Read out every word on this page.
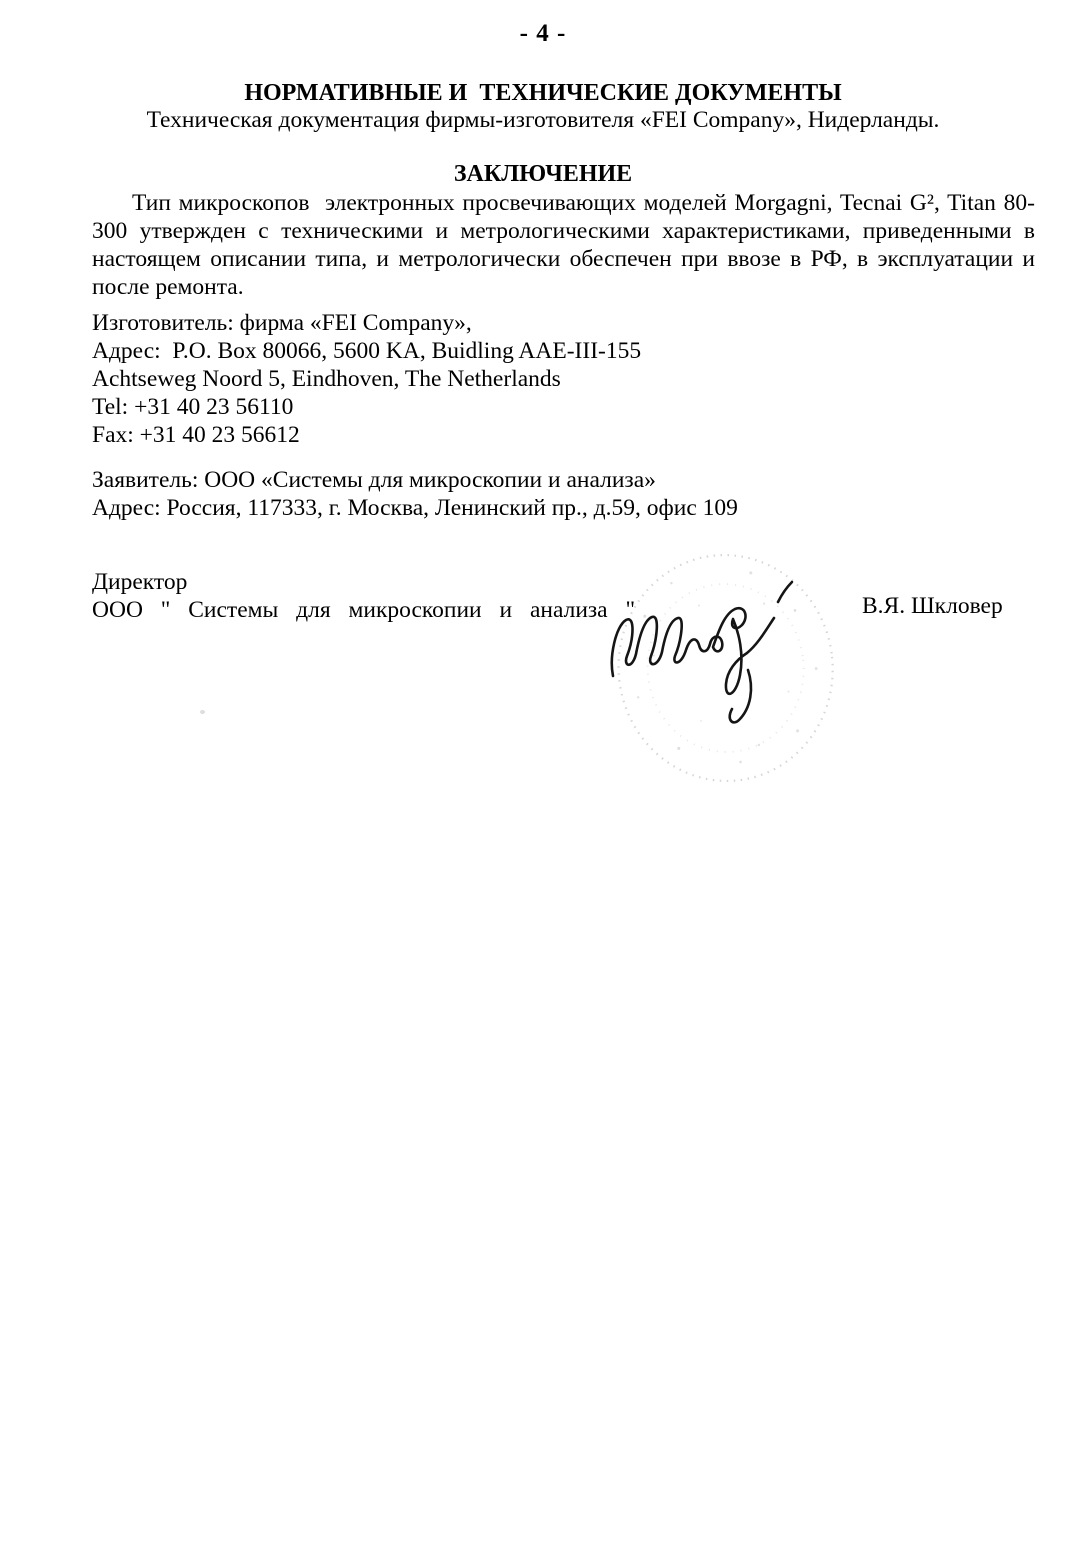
- 4 -
НОРМАТИВНЫЕ И  ТЕХНИЧЕСКИЕ ДОКУМЕНТЫ
Техническая документация фирмы-изготовителя «FEI Company», Нидерланды.
ЗАКЛЮЧЕНИЕ

Тип микроскопов  электронных просвечивающих моделей Morgagni, Tecnai G², Titan 80-300 утвержден с техническими и метрологическими характеристиками, приведенными в настоящем описании типа, и метрологически обеспечен при ввозе в РФ, в эксплуатации и после ремонта.

Изготовитель: фирма «FEI Company»,
Адрес:  P.O. Box 80066, 5600 KA, Buidling AAE-III-155
Achtseweg Noord 5, Eindhoven, The Netherlands
Tel: +31 40 23 56110
Fax: +31 40 23 56612
Заявитель: ООО «Системы для микроскопии и анализа»
Адрес: Россия, 117333, г. Москва, Ленинский пр., д.59, офис 109
Директор
ООО " Системы для микроскопии и анализа "	В.Я. Шкловер
